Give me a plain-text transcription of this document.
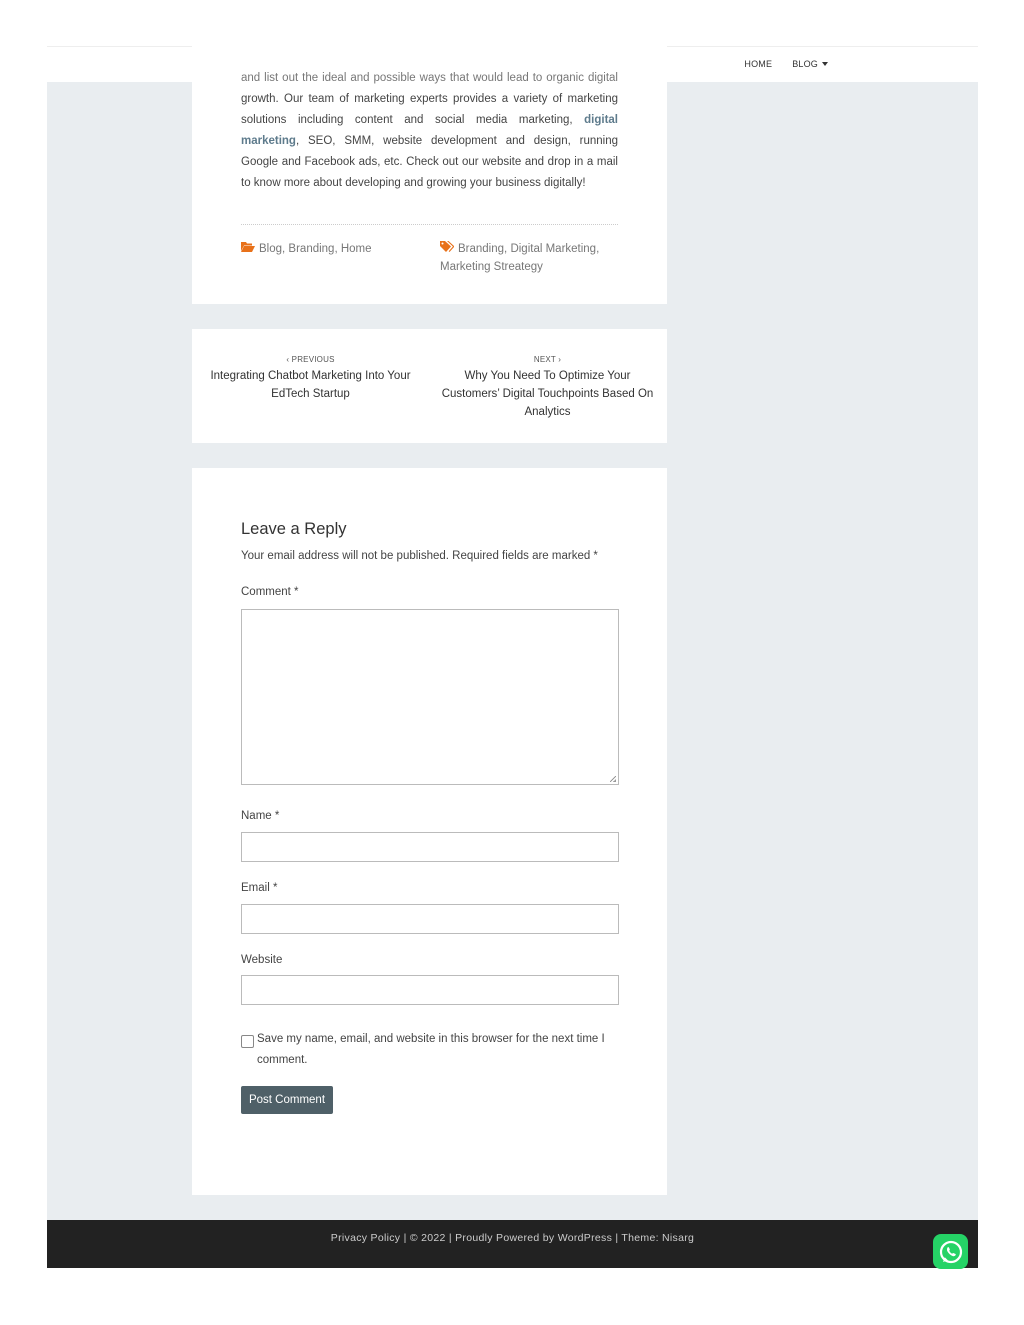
HOME BLOG

and list out the ideal and possible ways that would lead to organic digital growth. Our team of marketing experts provides a variety of marketing solutions including content and social media marketing, digital marketing, SEO, SMM, website development and design, running Google and Facebook ads, etc. Check out our website and drop in a mail to know more about developing and growing your business digitally!

Blog, Branding, Home	Branding, Digital Marketing, Marketing Streategy
‹ PREVIOUS
Integrating Chatbot Marketing Into Your EdTech Startup
NEXT ›
Why You Need To Optimize Your Customers’ Digital Touchpoints Based On Analytics
Leave a Reply
Your email address will not be published. Required fields are marked *
Comment *
Name *
Email *
Website
Save my name, email, and website in this browser for the next time I comment.
Post Comment
Privacy Policy | © 2022 | Proudly Powered by WordPress | Theme: Nisarg
